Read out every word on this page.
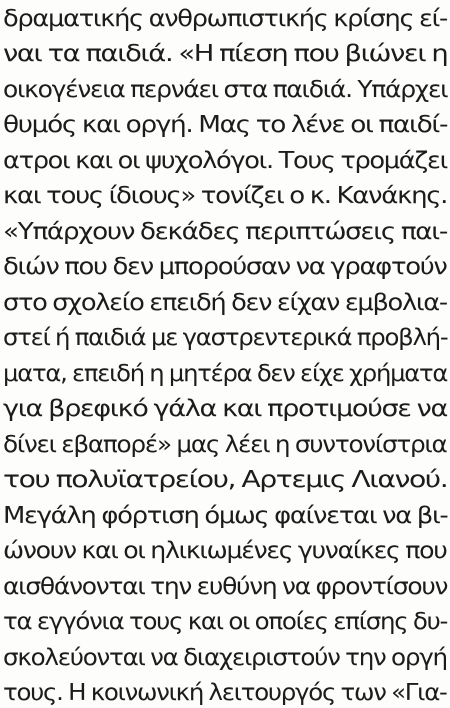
δραματικής ανθρωπιστικής κρίσης εί-
ναι τα παιδιά. «Η πίεση που βιώνει η
οικογένεια περνάει στα παιδιά. Υπάρχει
θυμός και οργή. Μας το λένε οι παιδί-
ατροι και οι ψυχολόγοι. Τους τρομάζει
και τους ίδιους» τονίζει ο κ. Κανάκης.
«Υπάρχουν δεκάδες περιπτώσεις παι-
διών που δεν μπορούσαν να γραφτούν
στο σχολείο επειδή δεν είχαν εμβολια-
στεί ή παιδιά με γαστρεντερικά προβλή-
ματα, επειδή η μητέρα δεν είχε χρήματα
για βρεφικό γάλα και προτιμούσε να
δίνει εβαπορέ» μας λέει η συντονίστρια
του πολυϊατρείου, Αρτεμις Λιανού.
Μεγάλη φόρτιση όμως φαίνεται να βι-
ώνουν και οι ηλικιωμένες γυναίκες που
αισθάνονται την ευθύνη να φροντίσουν
τα εγγόνια τους και οι οποίες επίσης δυ-
σκολεύονται να διαχειριστούν την οργή
τους. Η κοινωνική λειτουργός των «Για-
